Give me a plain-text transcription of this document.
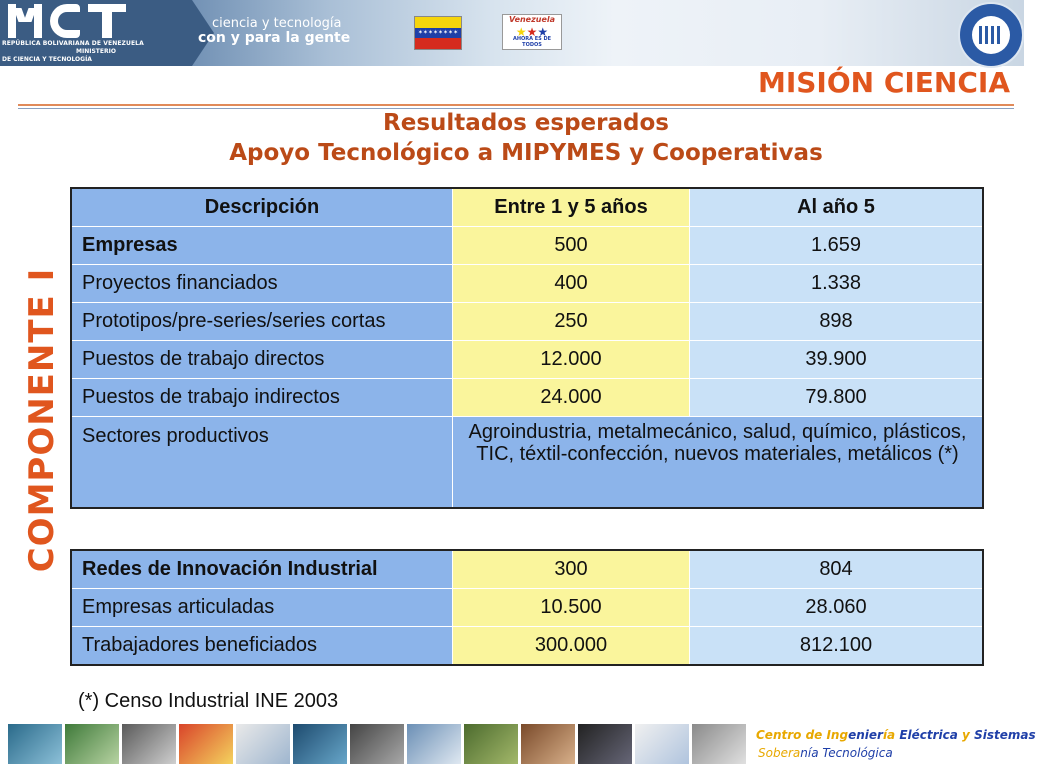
REPÚBLICA BOLIVARIANA DE VENEZUELA
MINISTERIO
DE CIENCIA Y TECNOLOGÍA
ciencia y tecnología
con y para la gente	✶✶✶✶✶✶✶✶
Venezuela
★★★
AHORA ES DE TODOS
MISIÓN CIENCIA
Resultados esperados
Apoyo Tecnológico a MIPYMES y Cooperativas
COMPONENTE I
Descripción	Entre 1 y 5 años	Al año 5
Empresas	500	1.659
Proyectos financiados	400	1.338
Prototipos/pre-series/series cortas	250	898
Puestos de trabajo directos	12.000	39.900
Puestos de trabajo indirectos	24.000	79.800
Sectores productivos	Agroindustria, metalmecánico, salud, químico, plásticos, TIC, téxtil-confección, nuevos materiales, metálicos (*)	
Redes de Innovación Industrial	300	804
Empresas articuladas	10.500	28.060
Trabajadores beneficiados	300.000	812.100
(*) Censo Industrial INE 2003
Centro de Ingeniería Eléctrica y Sistemas
Soberanía Tecnológica
